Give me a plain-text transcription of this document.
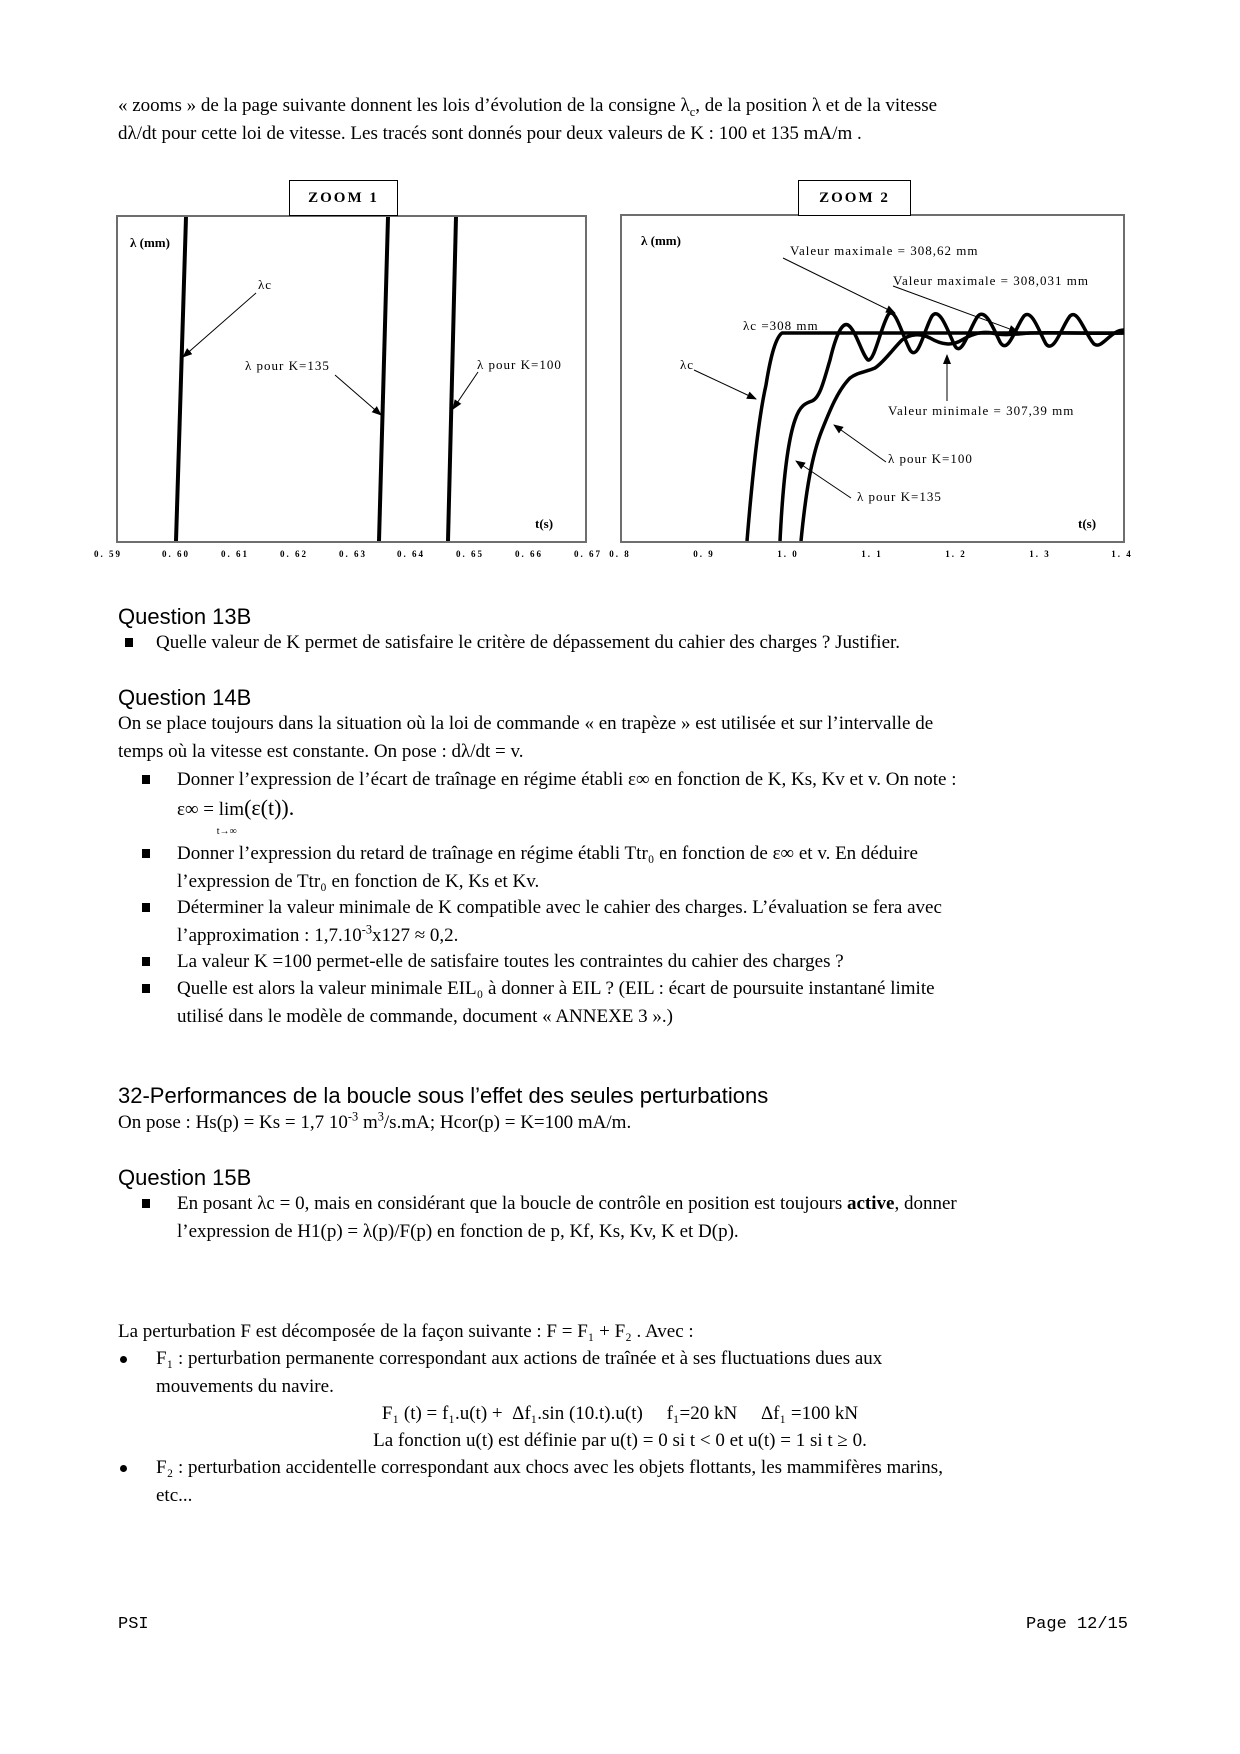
« zooms » de la page suivante donnent les lois d’évolution de la consigne $\lambda_c$, de la position λ et de la vitesse
dλ/dt pour cette loi de vitesse. Les tracés sont donnés pour deux valeurs de K : 100 et 135 mA/m .
ZOOM 1
λ (mm)
t(s)
λc
λ pour K=135	λ pour K=100
0. 59	0. 60	0. 61	0. 62	0. 63	0. 64	0. 65	0. 66	0. 67
ZOOM 2
λ (mm)
t(s)
Valeur maximale = 308,62 mm
Valeur maximale = 308,031 mm
λc =308 mm
λc
Valeur minimale = 307,39 mm
λ pour K=100
λ pour K=135
0. 8	0. 9	1. 0	1. 1	1. 2	1. 3	1. 4
Question 13B
Quelle valeur de K permet de satisfaire le critère de dépassement du cahier des charges ? Justifier.
Question 14B
On se place toujours dans la situation où la loi de commande « en trapèze » est utilisée et sur l’intervalle de
temps où la vitesse est constante. On pose : dλ/dt = v.
Donner l’expression de l’écart de traînage en régime établi ε∞ en fonction de K, Ks, Kv et v. On note :
ε∞ = lim
t→∞
(ε(t)).
Donner l’expression du retard de traînage en régime établi Ttr₀ en fonction de ε∞ et v. En déduire
l’expression de Ttr₀ en fonction de K, Ks et Kv.
Déterminer la valeur minimale de K compatible avec le cahier des charges. L’évaluation se fera avec
l’approximation : $1,7.10^{-3}x127 \approx 0,2$.
La valeur K =100 permet-elle de satisfaire toutes les contraintes du cahier des charges ?
Quelle est alors la valeur minimale EIL₀ à donner à EIL ? (EIL : écart de poursuite instantané limite
utilisé dans le modèle de commande, document « ANNEXE 3 ».)
32-Performances de la boucle sous l’effet des seules perturbations
On pose : Hs(p) = Ks = 1,7 $10^{-3}$ $m^3/s.mA$; Hcor(p) = K=100 mA/m.
Question 15B
En posant λc = 0, mais en considérant que la boucle de contrôle en position est toujours active, donner
l’expression de H1(p) = λ(p)/F(p) en fonction de p, Kf, Ks, Kv, K et D(p).
La perturbation F est décomposée de la façon suivante : F = F₁ + F₂ . Avec :
F₁ : perturbation permanente correspondant aux actions de traînée et à ses fluctuations dues aux
mouvements du navire.
F₁ (t) = f₁.u(t) +  Δf₁.sin (10.t).u(t)     f₁=20 kN     Δf₁ =100 kN
La fonction u(t) est définie par u(t) = 0 si t < 0 et u(t) = 1 si t ≥ 0.
F₂ : perturbation accidentelle correspondant aux chocs avec les objets flottants, les mammifères marins,
etc...
PSI	Page 12/15
